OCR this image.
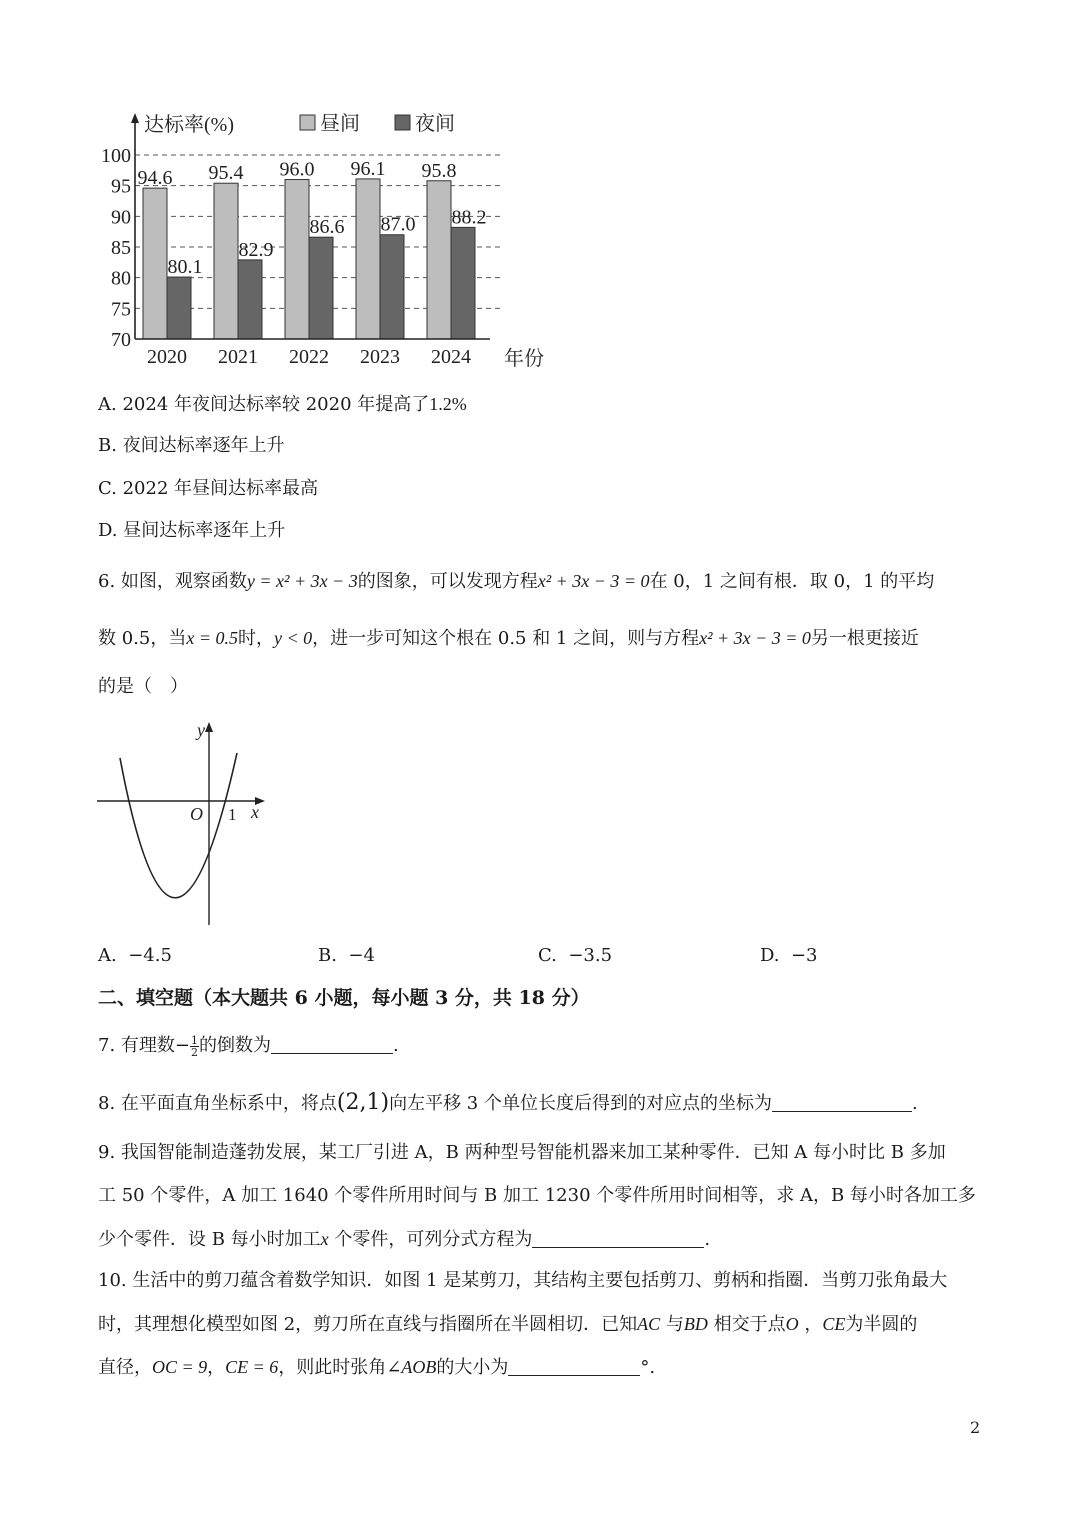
100
95
90
85
80
75
70
94.6
80.1
2020
95.4
82.9
2021
96.0
86.6
2022
96.1
87.0
2023
95.8
88.2
2024
达标率(%)
年份
昼间	夜间
A. 2024 年夜间达标率较 2020 年提高了1.2%
B. 夜间达标率逐年上升
C. 2022 年昼间达标率最高
D. 昼间达标率逐年上升
6. 如图，观察函数y = x² + 3x − 3的图象，可以发现方程x² + 3x − 3 = 0在 0，1 之间有根．取 0，1 的平均
数 0.5，当x = 0.5时，y < 0，进一步可知这个根在 0.5 和 1 之间，则与方程x² + 3x − 3 = 0另一根更接近
的是（　）
y
x
O 1
A. −4.5	B. −4	C. −3.5	D. −3
二、填空题（本大题共 6 小题，每小题 3 分，共 18 分）
7. 有理数− $\frac{1}{2}$ 的倒数为	.
8. 在平面直角坐标系中，将点(2,1)向左平移 3 个单位长度后得到的对应点的坐标为	.
9. 我国智能制造蓬勃发展，某工厂引进 A，B 两种型号智能机器来加工某种零件．已知 A 每小时比 B 多加
工 50 个零件，A 加工 1640 个零件所用时间与 B 加工 1230 个零件所用时间相等，求 A，B 每小时各加工多
少个零件．设 B 每小时加工x 个零件，可列分式方程为	.
10. 生活中的剪刀蕴含着数学知识．如图 1 是某剪刀，其结构主要包括剪刀、剪柄和指圈．当剪刀张角最大
时，其理想化模型如图 2，剪刀所在直线与指圈所在半圆相切．已知AC 与BD 相交于点O ，CE为半圆的
直径，OC = 9，CE = 6，则此时张角∠AOB的大小为	°.
2
